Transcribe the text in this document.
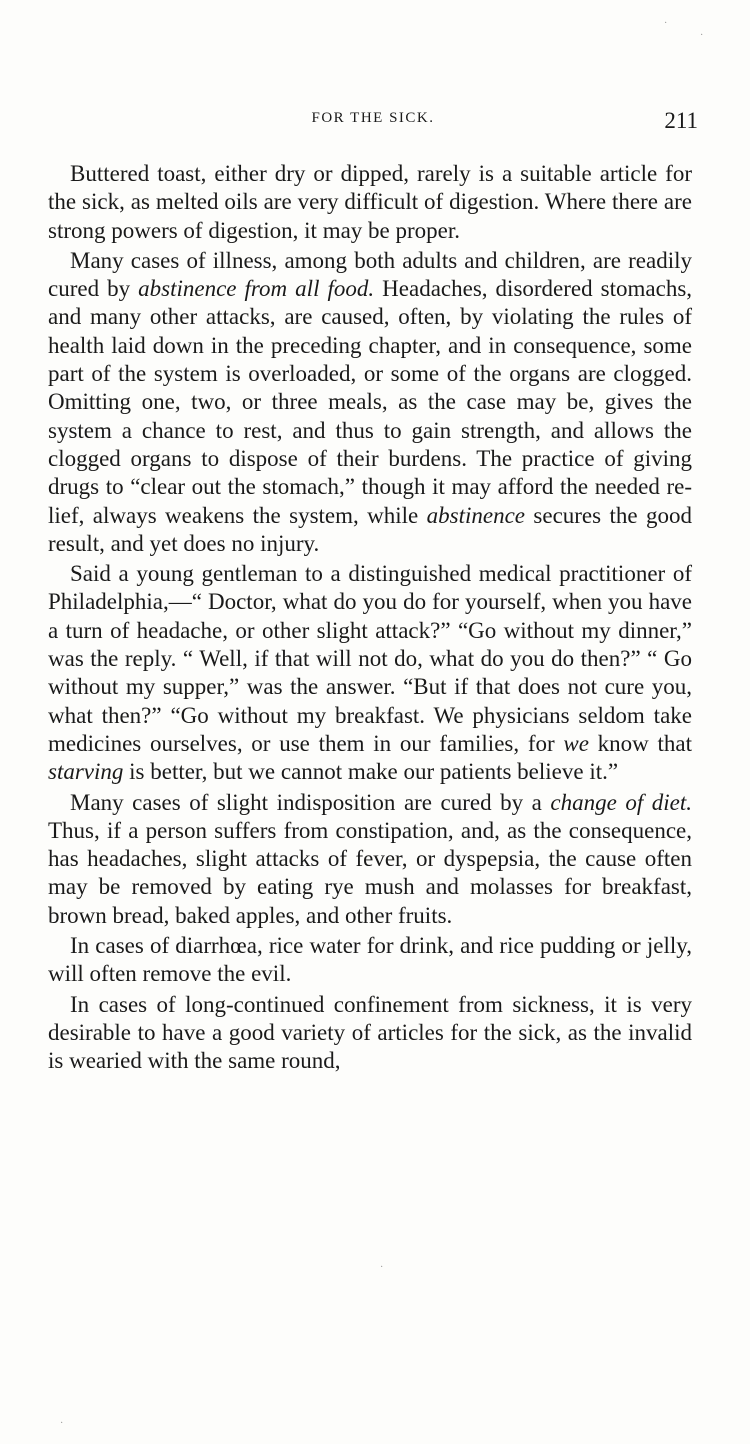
FOR THE SICK.	211

Buttered toast, either dry or dipped, rarely is a suitable article for the sick, as melted oils are very difficult of digestion. Where there are strong powers of digestion, it may be proper.

Many cases of illness, among both adults and children, are readily cured by abstinence from all food. Headaches, disordered stomachs, and many other attacks, are caused, often, by violating the rules of health laid down in the preceding chapter, and in consequence, some part of the system is overloaded, or some of the organs are clogged. Omitting one, two, or three meals, as the case may be, gives the system a chance to rest, and thus to gain strength, and allows the clogged organs to dispose of their burdens. The practice of giving drugs to “clear out the stomach,” though it may afford the needed relief, always weakens the system, while abstinence secures the good result, and yet does no injury.

Said a young gentleman to a distinguished medical practitioner of Philadelphia,—“ Doctor, what do you do for yourself, when you have a turn of headache, or other slight attack?” “Go without my dinner,” was the reply. “ Well, if that will not do, what do you do then?” “ Go without my supper,” was the answer. “But if that does not cure you, what then?” “Go without my breakfast. We physicians seldom take medicines ourselves, or use them in our families, for we know that starving is better, but we cannot make our patients believe it.”

Many cases of slight indisposition are cured by a change of diet. Thus, if a person suffers from constipation, and, as the consequence, has headaches, slight attacks of fever, or dyspepsia, the cause often may be removed by eating rye mush and molasses for breakfast, brown bread, baked apples, and other fruits.

In cases of diarrhœa, rice water for drink, and rice pudding or jelly, will often remove the evil.

In cases of long-continued confinement from sickness, it is very desirable to have a good variety of articles for the sick, as the invalid is wearied with the same round,

·
·
·
·
